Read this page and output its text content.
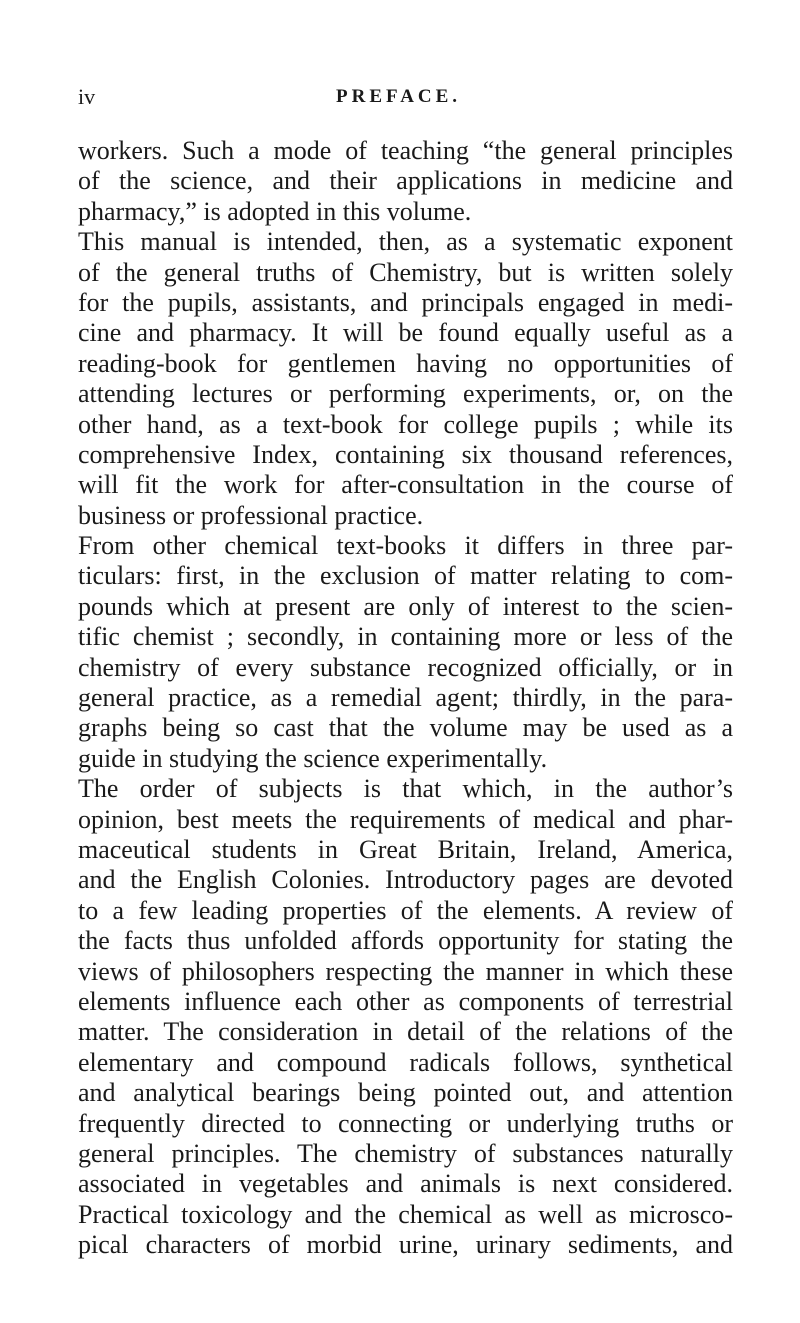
iv	PREFACE.
workers. Such a mode of teaching “the general principles
of the science, and their applications in medicine and
pharmacy,” is adopted in this volume.
This manual is intended, then, as a systematic exponent
of the general truths of Chemistry, but is written solely
for the pupils, assistants, and principals engaged in medi-
cine and pharmacy. It will be found equally useful as a
reading-book for gentlemen having no opportunities of
attending lectures or performing experiments, or, on the
other hand, as a text-book for college pupils ; while its
comprehensive Index, containing six thousand references,
will fit the work for after-consultation in the course of
business or professional practice.
From other chemical text-books it differs in three par-
ticulars: first, in the exclusion of matter relating to com-
pounds which at present are only of interest to the scien-
tific chemist ; secondly, in containing more or less of the
chemistry of every substance recognized officially, or in
general practice, as a remedial agent; thirdly, in the para-
graphs being so cast that the volume may be used as a
guide in studying the science experimentally.
The order of subjects is that which, in the author’s
opinion, best meets the requirements of medical and phar-
maceutical students in Great Britain, Ireland, America,
and the English Colonies. Introductory pages are devoted
to a few leading properties of the elements. A review of
the facts thus unfolded affords opportunity for stating the
views of philosophers respecting the manner in which these
elements influence each other as components of terrestrial
matter. The consideration in detail of the relations of the
elementary and compound radicals follows, synthetical
and analytical bearings being pointed out, and attention
frequently directed to connecting or underlying truths or
general principles. The chemistry of substances naturally
associated in vegetables and animals is next considered.
Practical toxicology and the chemical as well as microsco-
pical characters of morbid urine, urinary sediments, and
